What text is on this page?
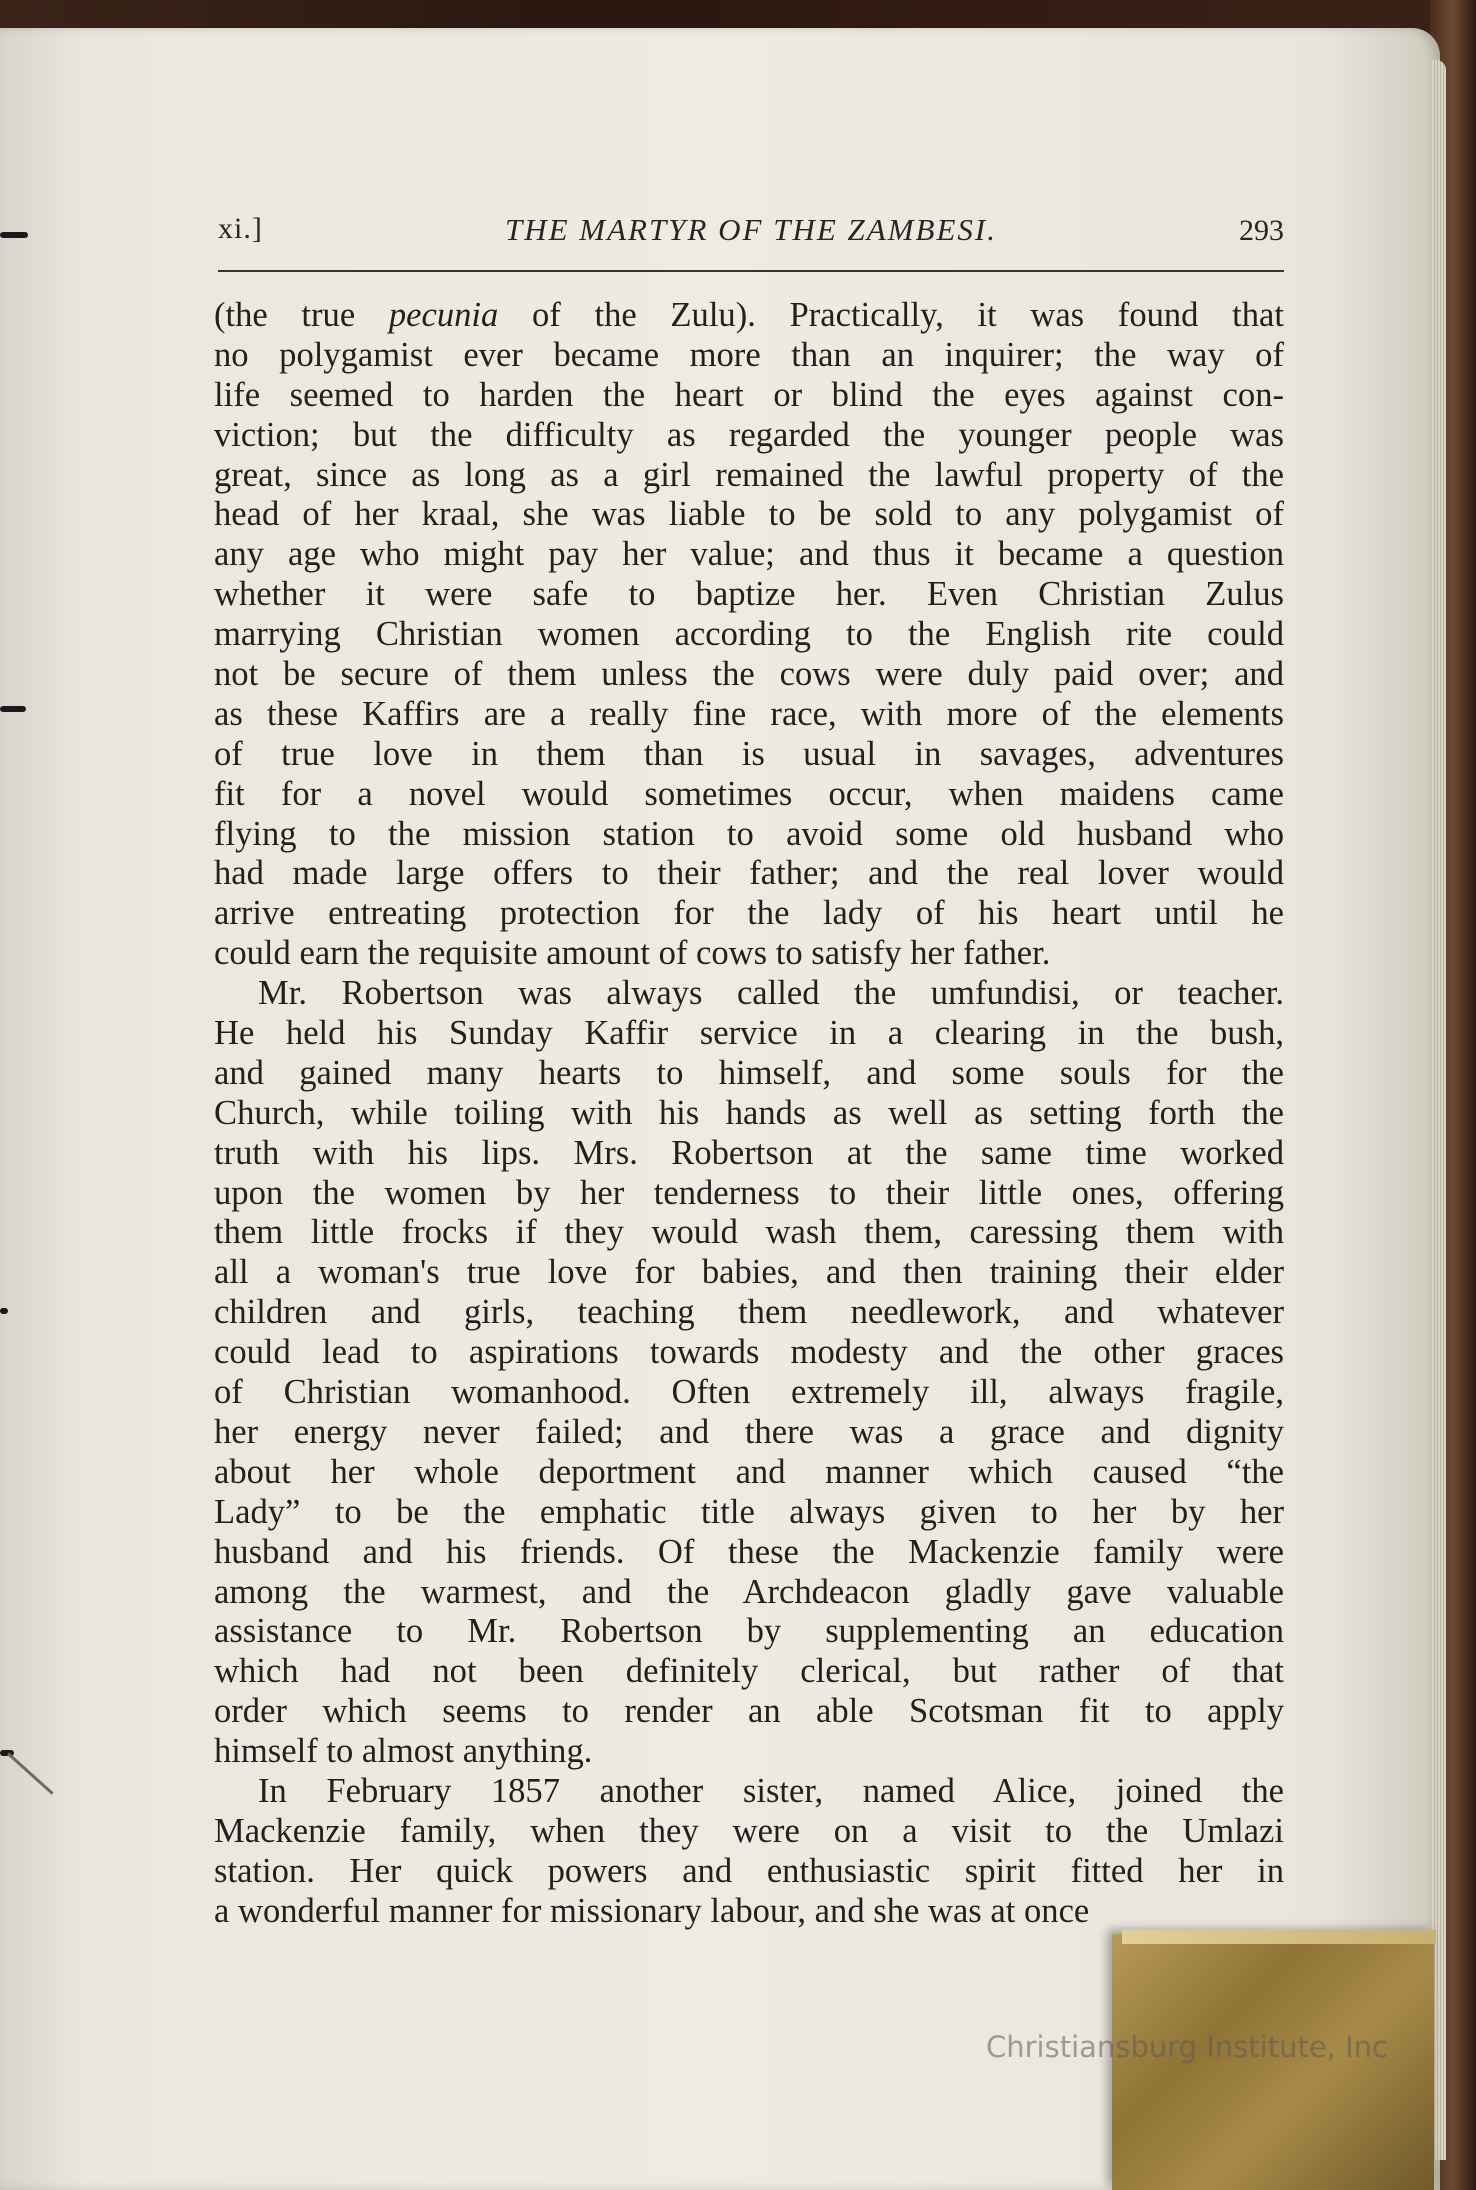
xi.]	THE MARTYR OF THE ZAMBESI.	293
(the true pecunia of the Zulu). Practically, it was found that
no polygamist ever became more than an inquirer; the way of
life seemed to harden the heart or blind the eyes against con-
viction; but the difficulty as regarded the younger people was
great, since as long as a girl remained the lawful property of the
head of her kraal, she was liable to be sold to any polygamist of
any age who might pay her value; and thus it became a question
whether it were safe to baptize her. Even Christian Zulus
marrying Christian women according to the English rite could
not be secure of them unless the cows were duly paid over; and
as these Kaffirs are a really fine race, with more of the elements
of true love in them than is usual in savages, adventures
fit for a novel would sometimes occur, when maidens came
flying to the mission station to avoid some old husband who
had made large offers to their father; and the real lover would
arrive entreating protection for the lady of his heart until he
could earn the requisite amount of cows to satisfy her father.
Mr. Robertson was always called the umfundisi, or teacher.
He held his Sunday Kaffir service in a clearing in the bush,
and gained many hearts to himself, and some souls for the
Church, while toiling with his hands as well as setting forth the
truth with his lips. Mrs. Robertson at the same time worked
upon the women by her tenderness to their little ones, offering
them little frocks if they would wash them, caressing them with
all a woman's true love for babies, and then training their elder
children and girls, teaching them needlework, and whatever
could lead to aspirations towards modesty and the other graces
of Christian womanhood. Often extremely ill, always fragile,
her energy never failed; and there was a grace and dignity
about her whole deportment and manner which caused “the
Lady” to be the emphatic title always given to her by her
husband and his friends. Of these the Mackenzie family were
among the warmest, and the Archdeacon gladly gave valuable
assistance to Mr. Robertson by supplementing an education
which had not been definitely clerical, but rather of that
order which seems to render an able Scotsman fit to apply
himself to almost anything.
In February 1857 another sister, named Alice, joined the
Mackenzie family, when they were on a visit to the Umlazi
station. Her quick powers and enthusiastic spirit fitted her in
a wonderful manner for missionary labour, and she was at once
Christiansburg Institute, Inc
